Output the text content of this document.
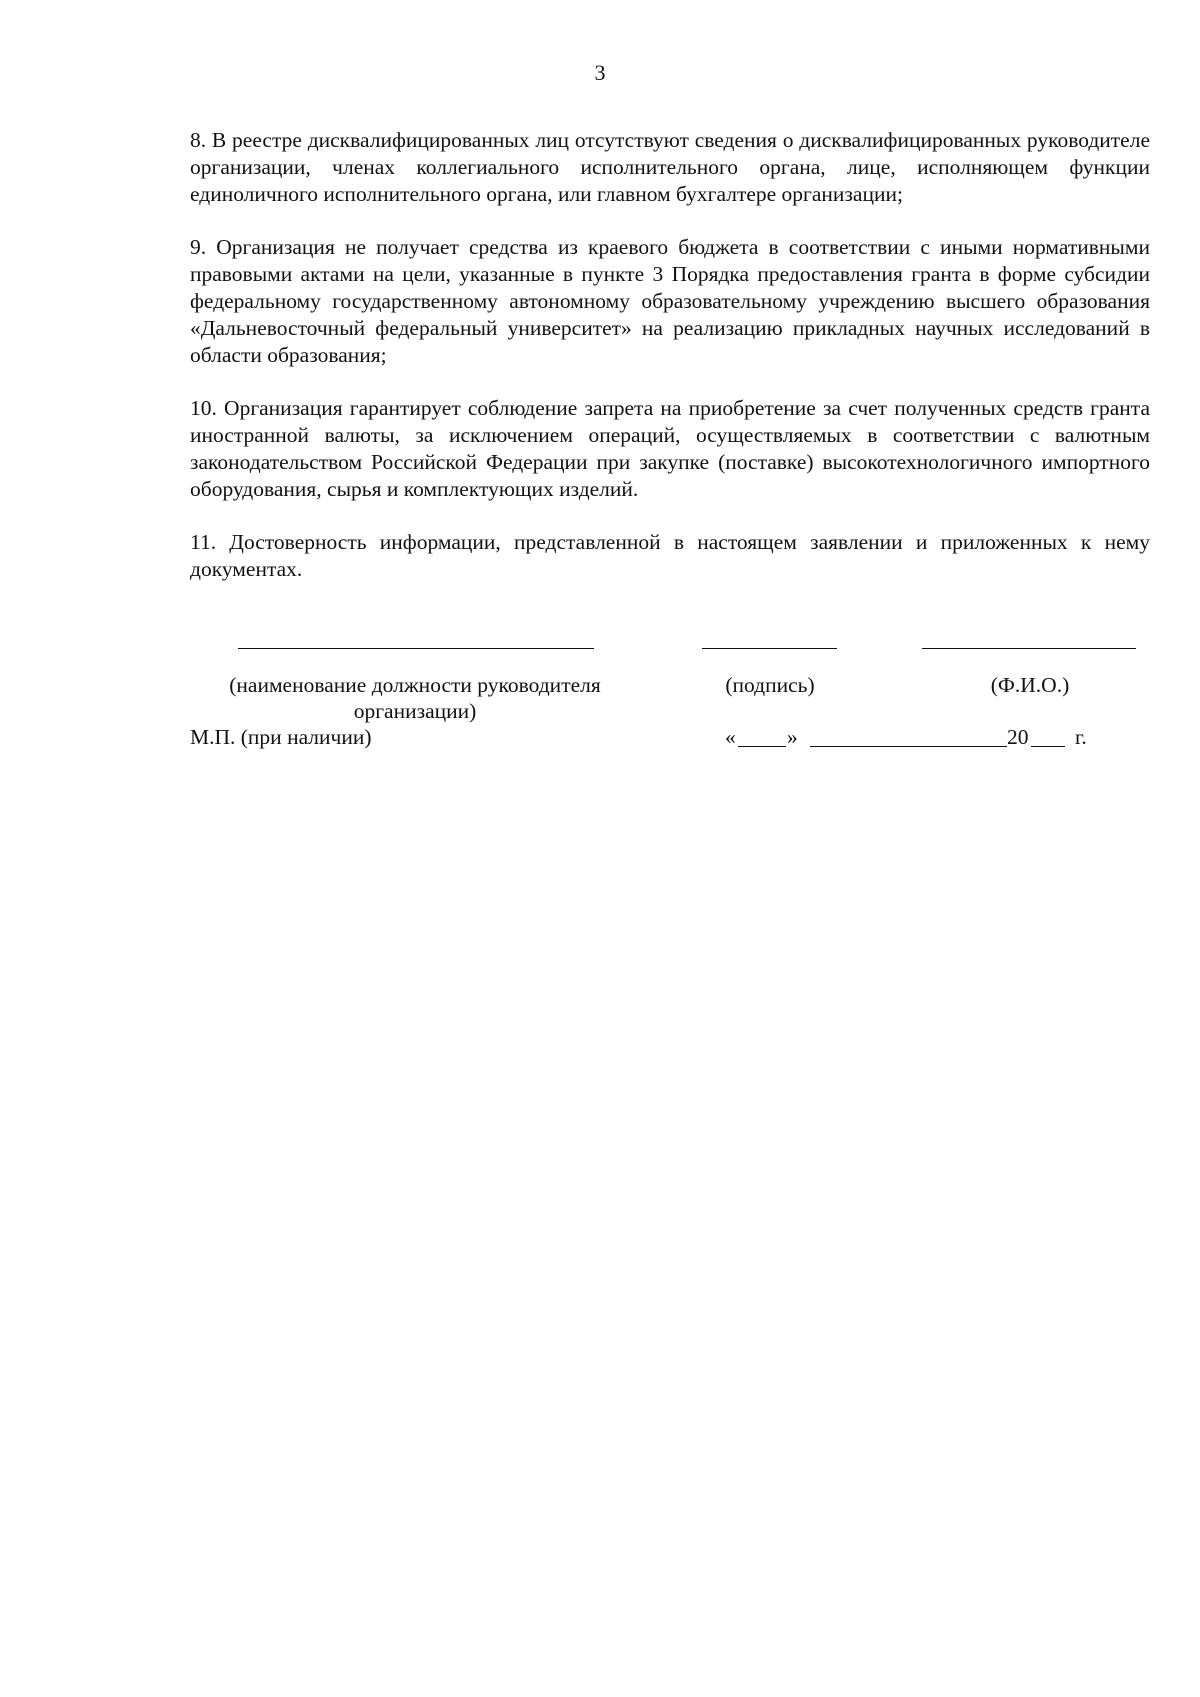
3

8. В реестре дисквалифицированных лиц отсутствуют сведения о дисквалифицированных руководителе организации, членах коллегиального исполнительного органа, лице, исполняющем функции единоличного исполнительного органа, или главном бухгалтере организации;

9. Организация не получает средства из краевого бюджета в соответствии с иными нормативными правовыми актами на цели, указанные в пункте 3 Порядка предоставления гранта в форме субсидии федеральному государственному автономному образовательному учреждению высшего образования «Дальневосточный федеральный университет» на реализацию прикладных научных исследований в области образования;

10. Организация гарантирует соблюдение запрета на приобретение за счет полученных средств гранта иностранной валюты, за исключением операций, осуществляемых в соответствии с валютным законодательством Российской Федерации при закупке (поставке) высокотехнологичного импортного оборудования, сырья и комплектующих изделий.

11. Достоверность информации, представленной в настоящем заявлении и приложенных к нему документах.

(наименование должности руководителя
организации)
(подпись)	(Ф.И.О.)
М.П. (при наличии)	« »	20 г.
